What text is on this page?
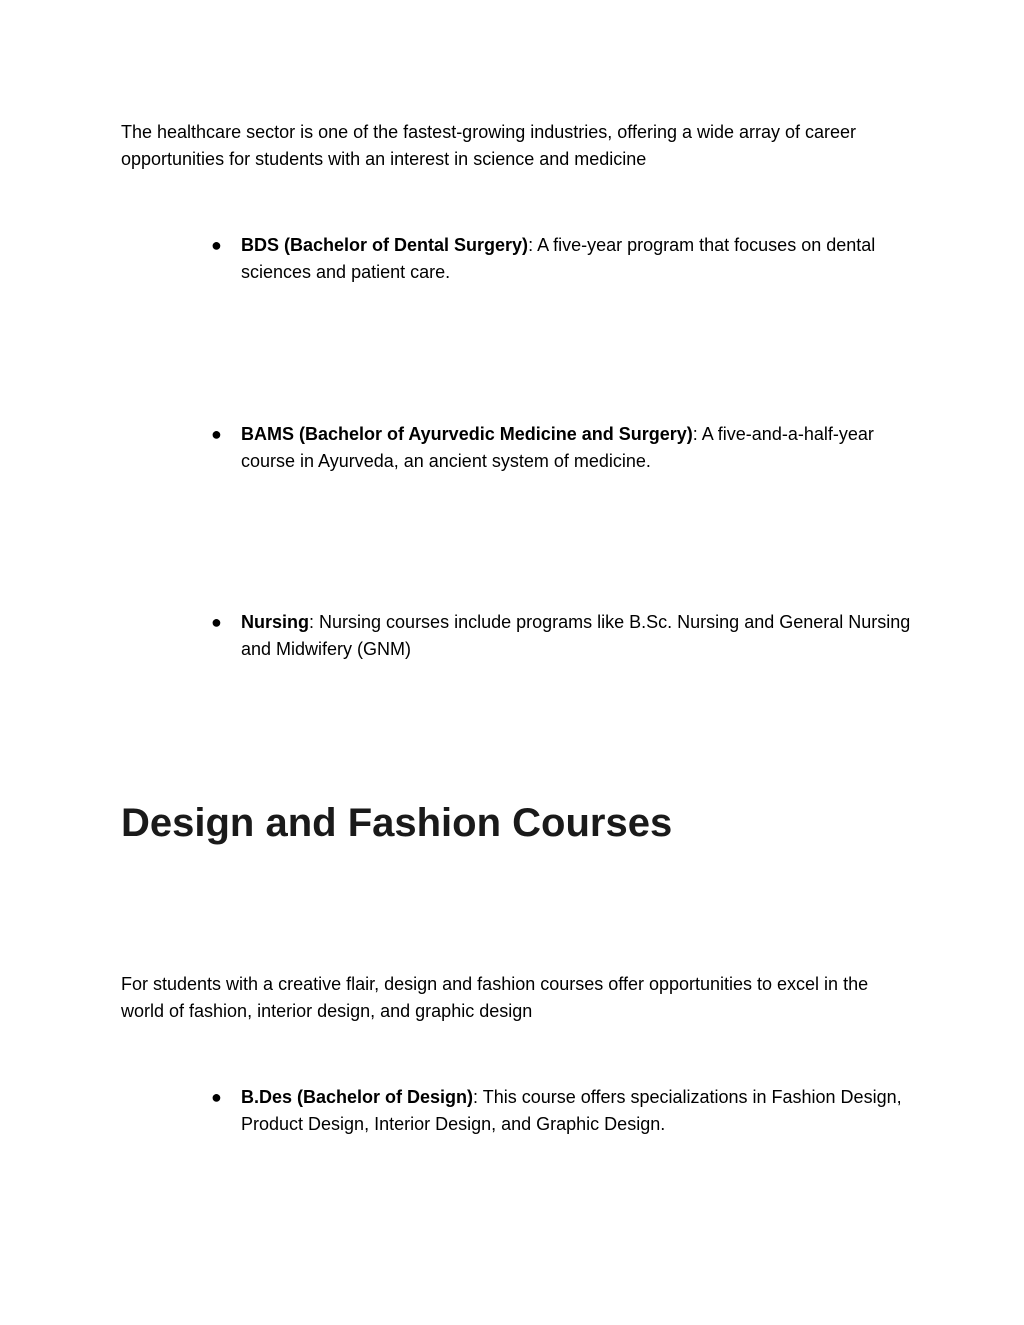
The healthcare sector is one of the fastest-growing industries, offering a wide array of career opportunities for students with an interest in science and medicine

●	BDS (Bachelor of Dental Surgery): A five-year program that focuses on dental sciences and patient care.
●	BAMS (Bachelor of Ayurvedic Medicine and Surgery): A five-and-a-half-year course in Ayurveda, an ancient system of medicine.
●	Nursing: Nursing courses include programs like B.Sc. Nursing and General Nursing and Midwifery (GNM)
Design and Fashion Courses

For students with a creative flair, design and fashion courses offer opportunities to excel in the world of fashion, interior design, and graphic design

●	B.Des (Bachelor of Design): This course offers specializations in Fashion Design, Product Design, Interior Design, and Graphic Design.
